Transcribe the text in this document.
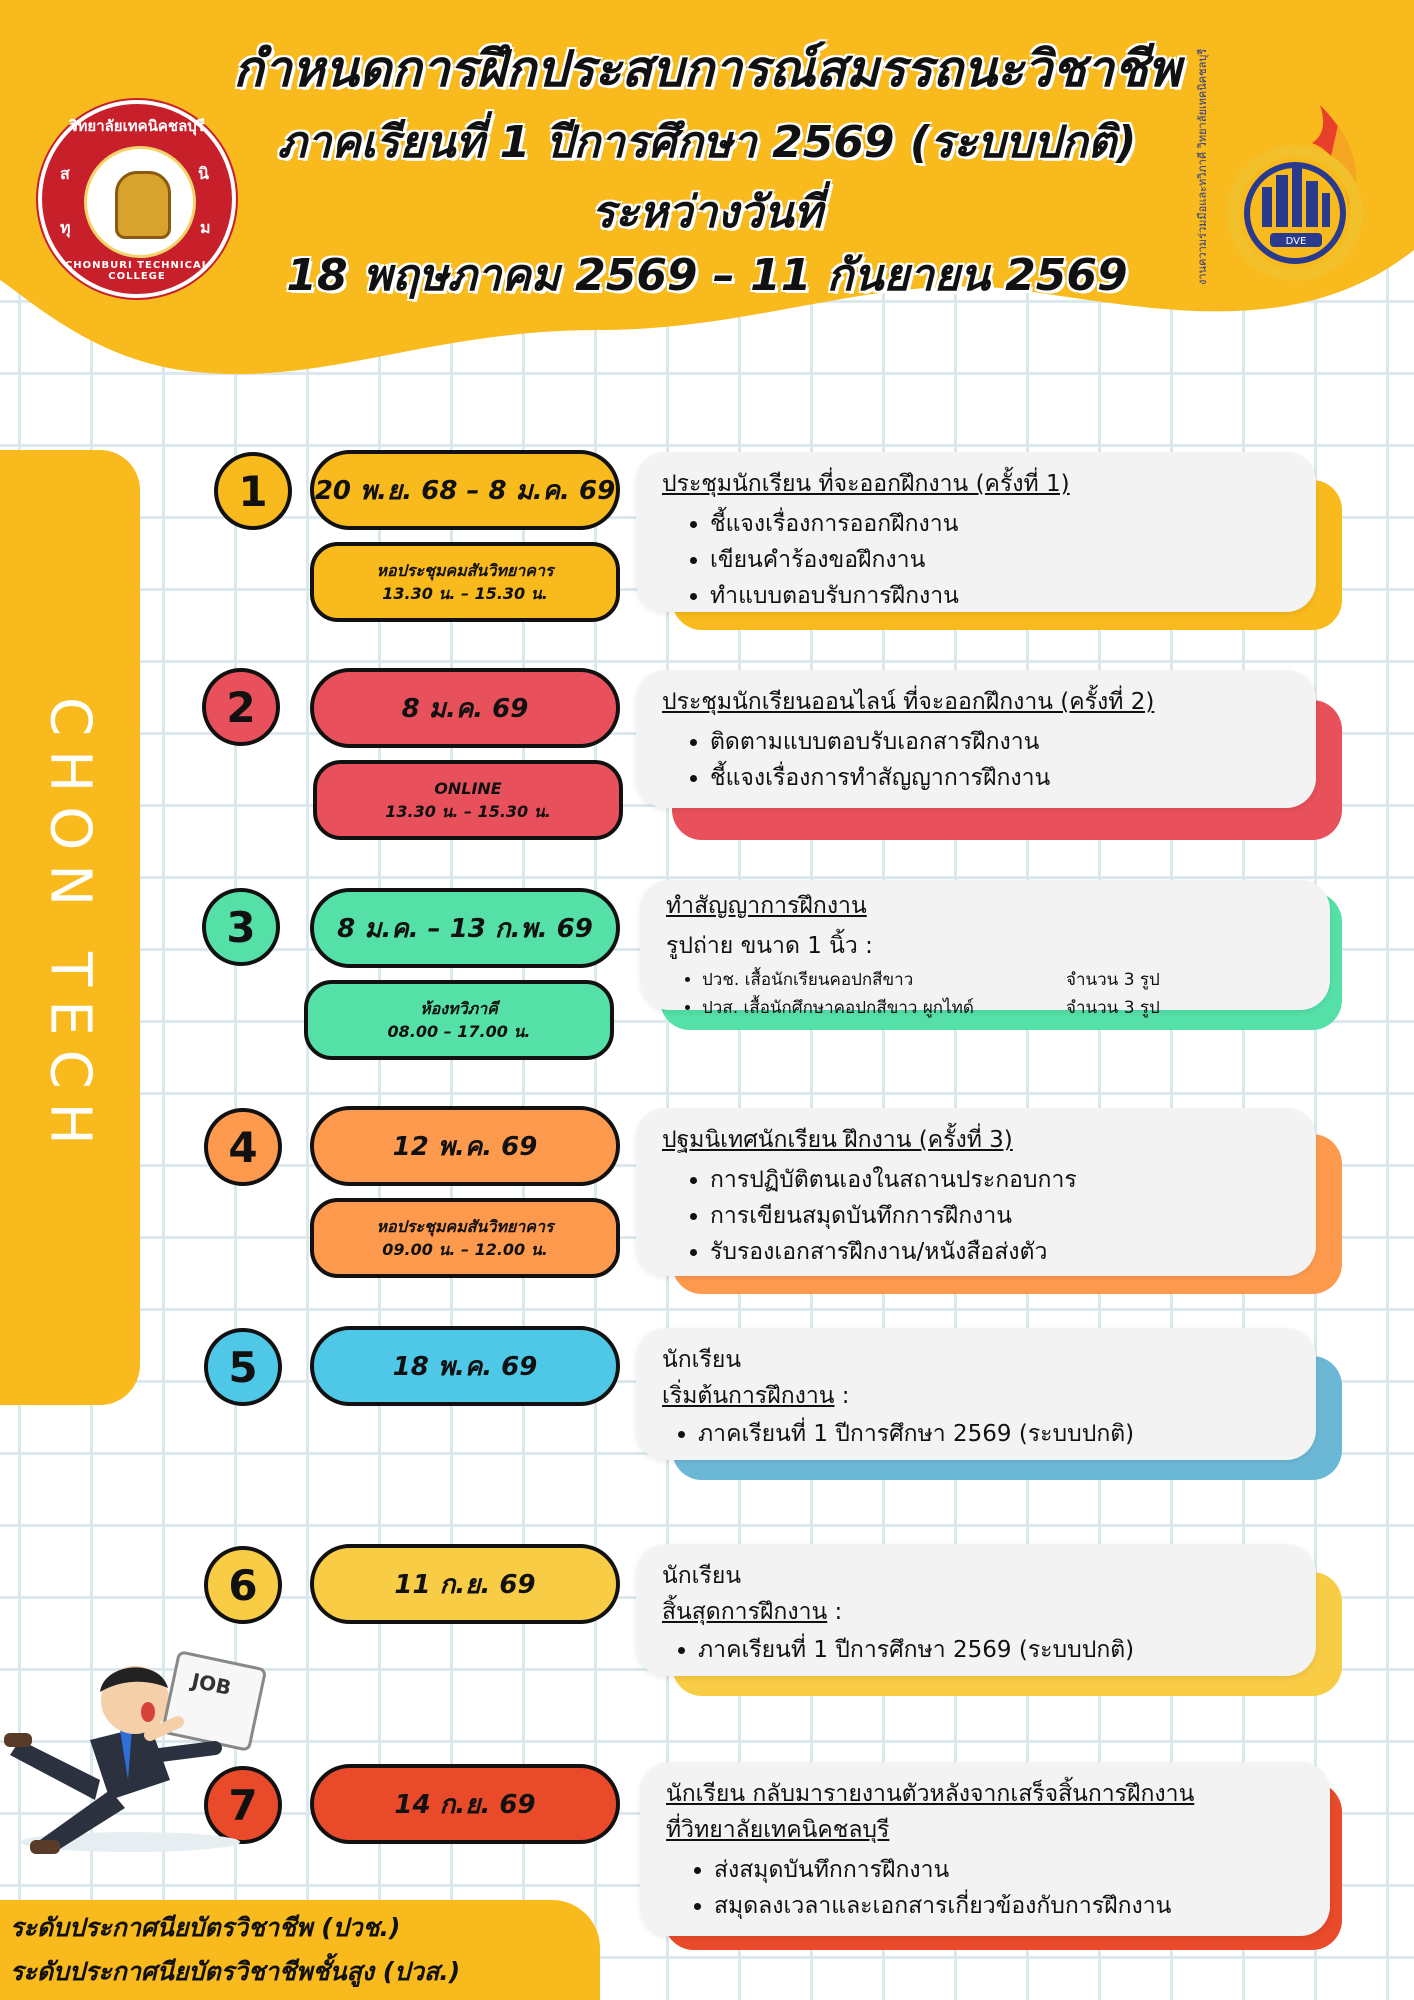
กำหนดการฝึกประสบการณ์สมรรถนะวิชาชีพ
ภาคเรียนที่ 1 ปีการศึกษา 2569 (ระบบปกติ)
ระหว่างวันที่
18 พฤษภาคม 2569 – 11 กันยายน 2569
วิทยาลัยเทคนิคชลบุรี
CHONBURI TECHNICAL COLLEGE
ส	นิ
ทุ	ม
DVE
งานความร่วมมือและทวิภาคี วิทยาลัยเทคนิคชลบุรี
CHON TECH
1	20 พ.ย. 68 – 8 ม.ค. 69
หอประชุมคมสันวิทยาคาร
13.30 น. – 15.30 น.
ประชุมนักเรียน ที่จะออกฝึกงาน (ครั้งที่ 1)
• ชี้แจงเรื่องการออกฝึกงาน
• เขียนคำร้องขอฝึกงาน
• ทำแบบตอบรับการฝึกงาน
2	8 ม.ค. 69
ONLINE
13.30 น. – 15.30 น.
ประชุมนักเรียนออนไลน์ ที่จะออกฝึกงาน (ครั้งที่ 2)
• ติดตามแบบตอบรับเอกสารฝึกงาน
• ชี้แจงเรื่องการทำสัญญาการฝึกงาน
3	8 ม.ค. – 13 ก.พ. 69
ห้องทวิภาคี
08.00 – 17.00 น.
ทำสัญญาการฝึกงาน
รูปถ่าย ขนาด 1 นิ้ว :
• ปวช. เสื้อนักเรียนคอปกสีขาว	จำนวน 3 รูป
• ปวส. เสื้อนักศึกษาคอปกสีขาว ผูกไทด์	จำนวน 3 รูป
4	12 พ.ค. 69
หอประชุมคมสันวิทยาคาร
09.00 น. – 12.00 น.
ปฐมนิเทศนักเรียน ฝึกงาน (ครั้งที่ 3)
• การปฏิบัติตนเองในสถานประกอบการ
• การเขียนสมุดบันทึกการฝึกงาน
• รับรองเอกสารฝึกงาน/หนังสือส่งตัว
5	18 พ.ค. 69	นักเรียน
เริ่มต้นการฝึกงาน :
• ภาคเรียนที่ 1 ปีการศึกษา 2569 (ระบบปกติ)
6	11 ก.ย. 69	นักเรียน
สิ้นสุดการฝึกงาน :
• ภาคเรียนที่ 1 ปีการศึกษา 2569 (ระบบปกติ)
7	14 ก.ย. 69	นักเรียน กลับมารายงานตัวหลังจากเสร็จสิ้นการฝึกงาน
ที่วิทยาลัยเทคนิคชลบุรี
• ส่งสมุดบันทึกการฝึกงาน
• สมุดลงเวลาและเอกสารเกี่ยวข้องกับการฝึกงาน
JOB
ระดับประกาศนียบัตรวิชาชีพ (ปวช.)
ระดับประกาศนียบัตรวิชาชีพชั้นสูง (ปวส.)
